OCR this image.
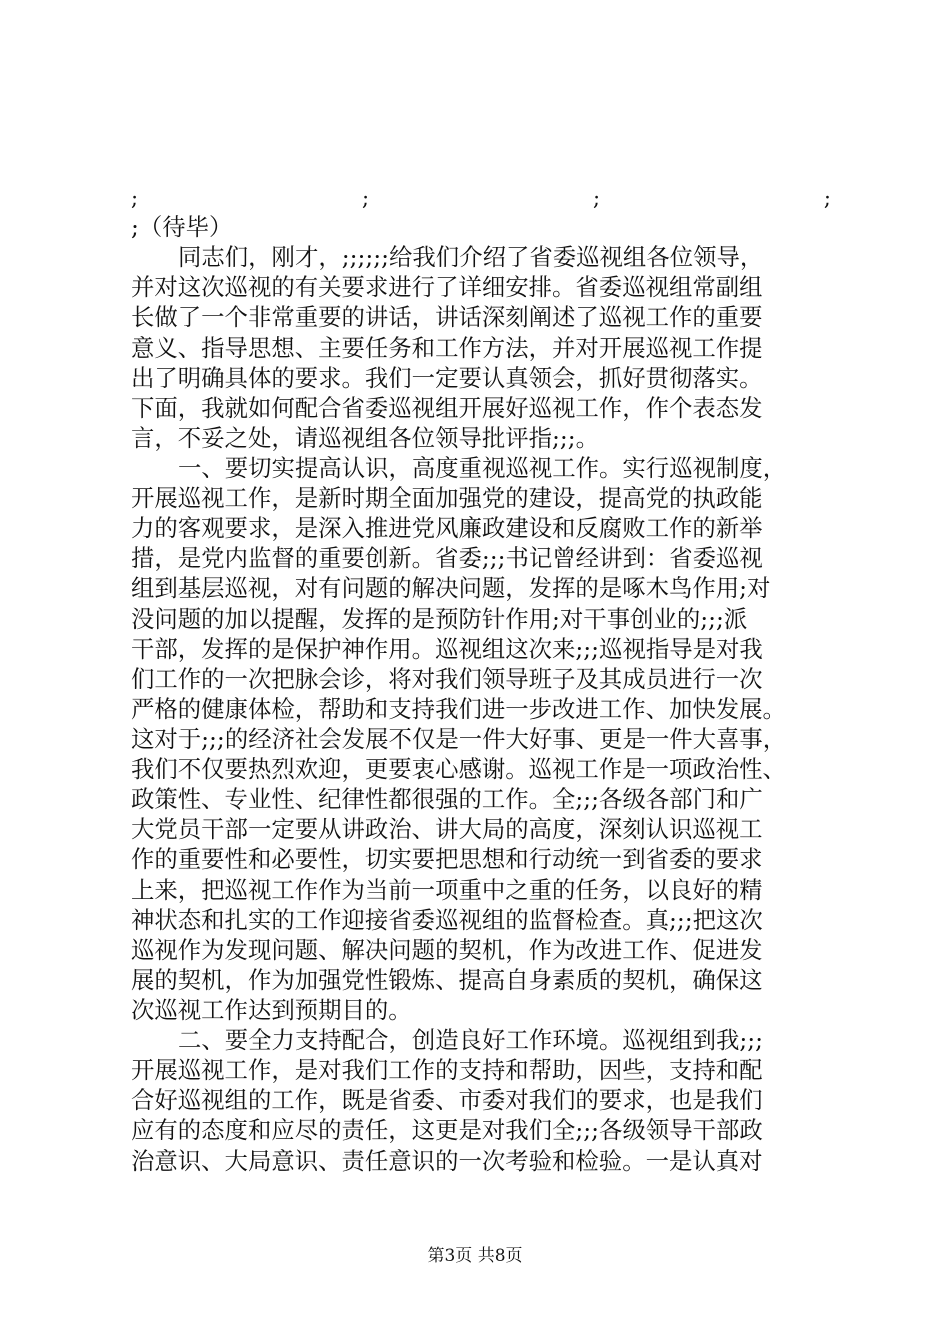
;	;	;	;
;（待毕）
同志们，刚才，;;;;;;给我们介绍了省委巡视组各位领导，
并对这次巡视的有关要求进行了详细安排。省委巡视组常副组
长做了一个非常重要的讲话，讲话深刻阐述了巡视工作的重要
意义、指导思想、主要任务和工作方法，并对开展巡视工作提
出了明确具体的要求。我们一定要认真领会，抓好贯彻落实。
下面，我就如何配合省委巡视组开展好巡视工作，作个表态发
言，不妥之处，请巡视组各位领导批评指;;;。
一、要切实提高认识，高度重视巡视工作。实行巡视制度，
开展巡视工作，是新时期全面加强党的建设，提高党的执政能
力的客观要求，是深入推进党风廉政建设和反腐败工作的新举
措，是党内监督的重要创新。省委;;;书记曾经讲到：省委巡视
组到基层巡视，对有问题的解决问题，发挥的是啄木鸟作用;对
没问题的加以提醒，发挥的是预防针作用;对干事创业的;;;派
干部，发挥的是保护神作用。巡视组这次来;;;巡视指导是对我
们工作的一次把脉会诊，将对我们领导班子及其成员进行一次
严格的健康体检，帮助和支持我们进一步改进工作、加快发展。
这对于;;;的经济社会发展不仅是一件大好事、更是一件大喜事，
我们不仅要热烈欢迎，更要衷心感谢。巡视工作是一项政治性、
政策性、专业性、纪律性都很强的工作。全;;;各级各部门和广
大党员干部一定要从讲政治、讲大局的高度，深刻认识巡视工
作的重要性和必要性，切实要把思想和行动统一到省委的要求
上来，把巡视工作作为当前一项重中之重的任务，以良好的精
神状态和扎实的工作迎接省委巡视组的监督检查。真;;;把这次
巡视作为发现问题、解决问题的契机，作为改进工作、促进发
展的契机，作为加强党性锻炼、提高自身素质的契机，确保这
次巡视工作达到预期目的。
二、要全力支持配合，创造良好工作环境。巡视组到我;;;
开展巡视工作，是对我们工作的支持和帮助，因些，支持和配
合好巡视组的工作，既是省委、市委对我们的要求，也是我们
应有的态度和应尽的责任，这更是对我们全;;;各级领导干部政
治意识、大局意识、责任意识的一次考验和检验。一是认真对
第3页 共8页
